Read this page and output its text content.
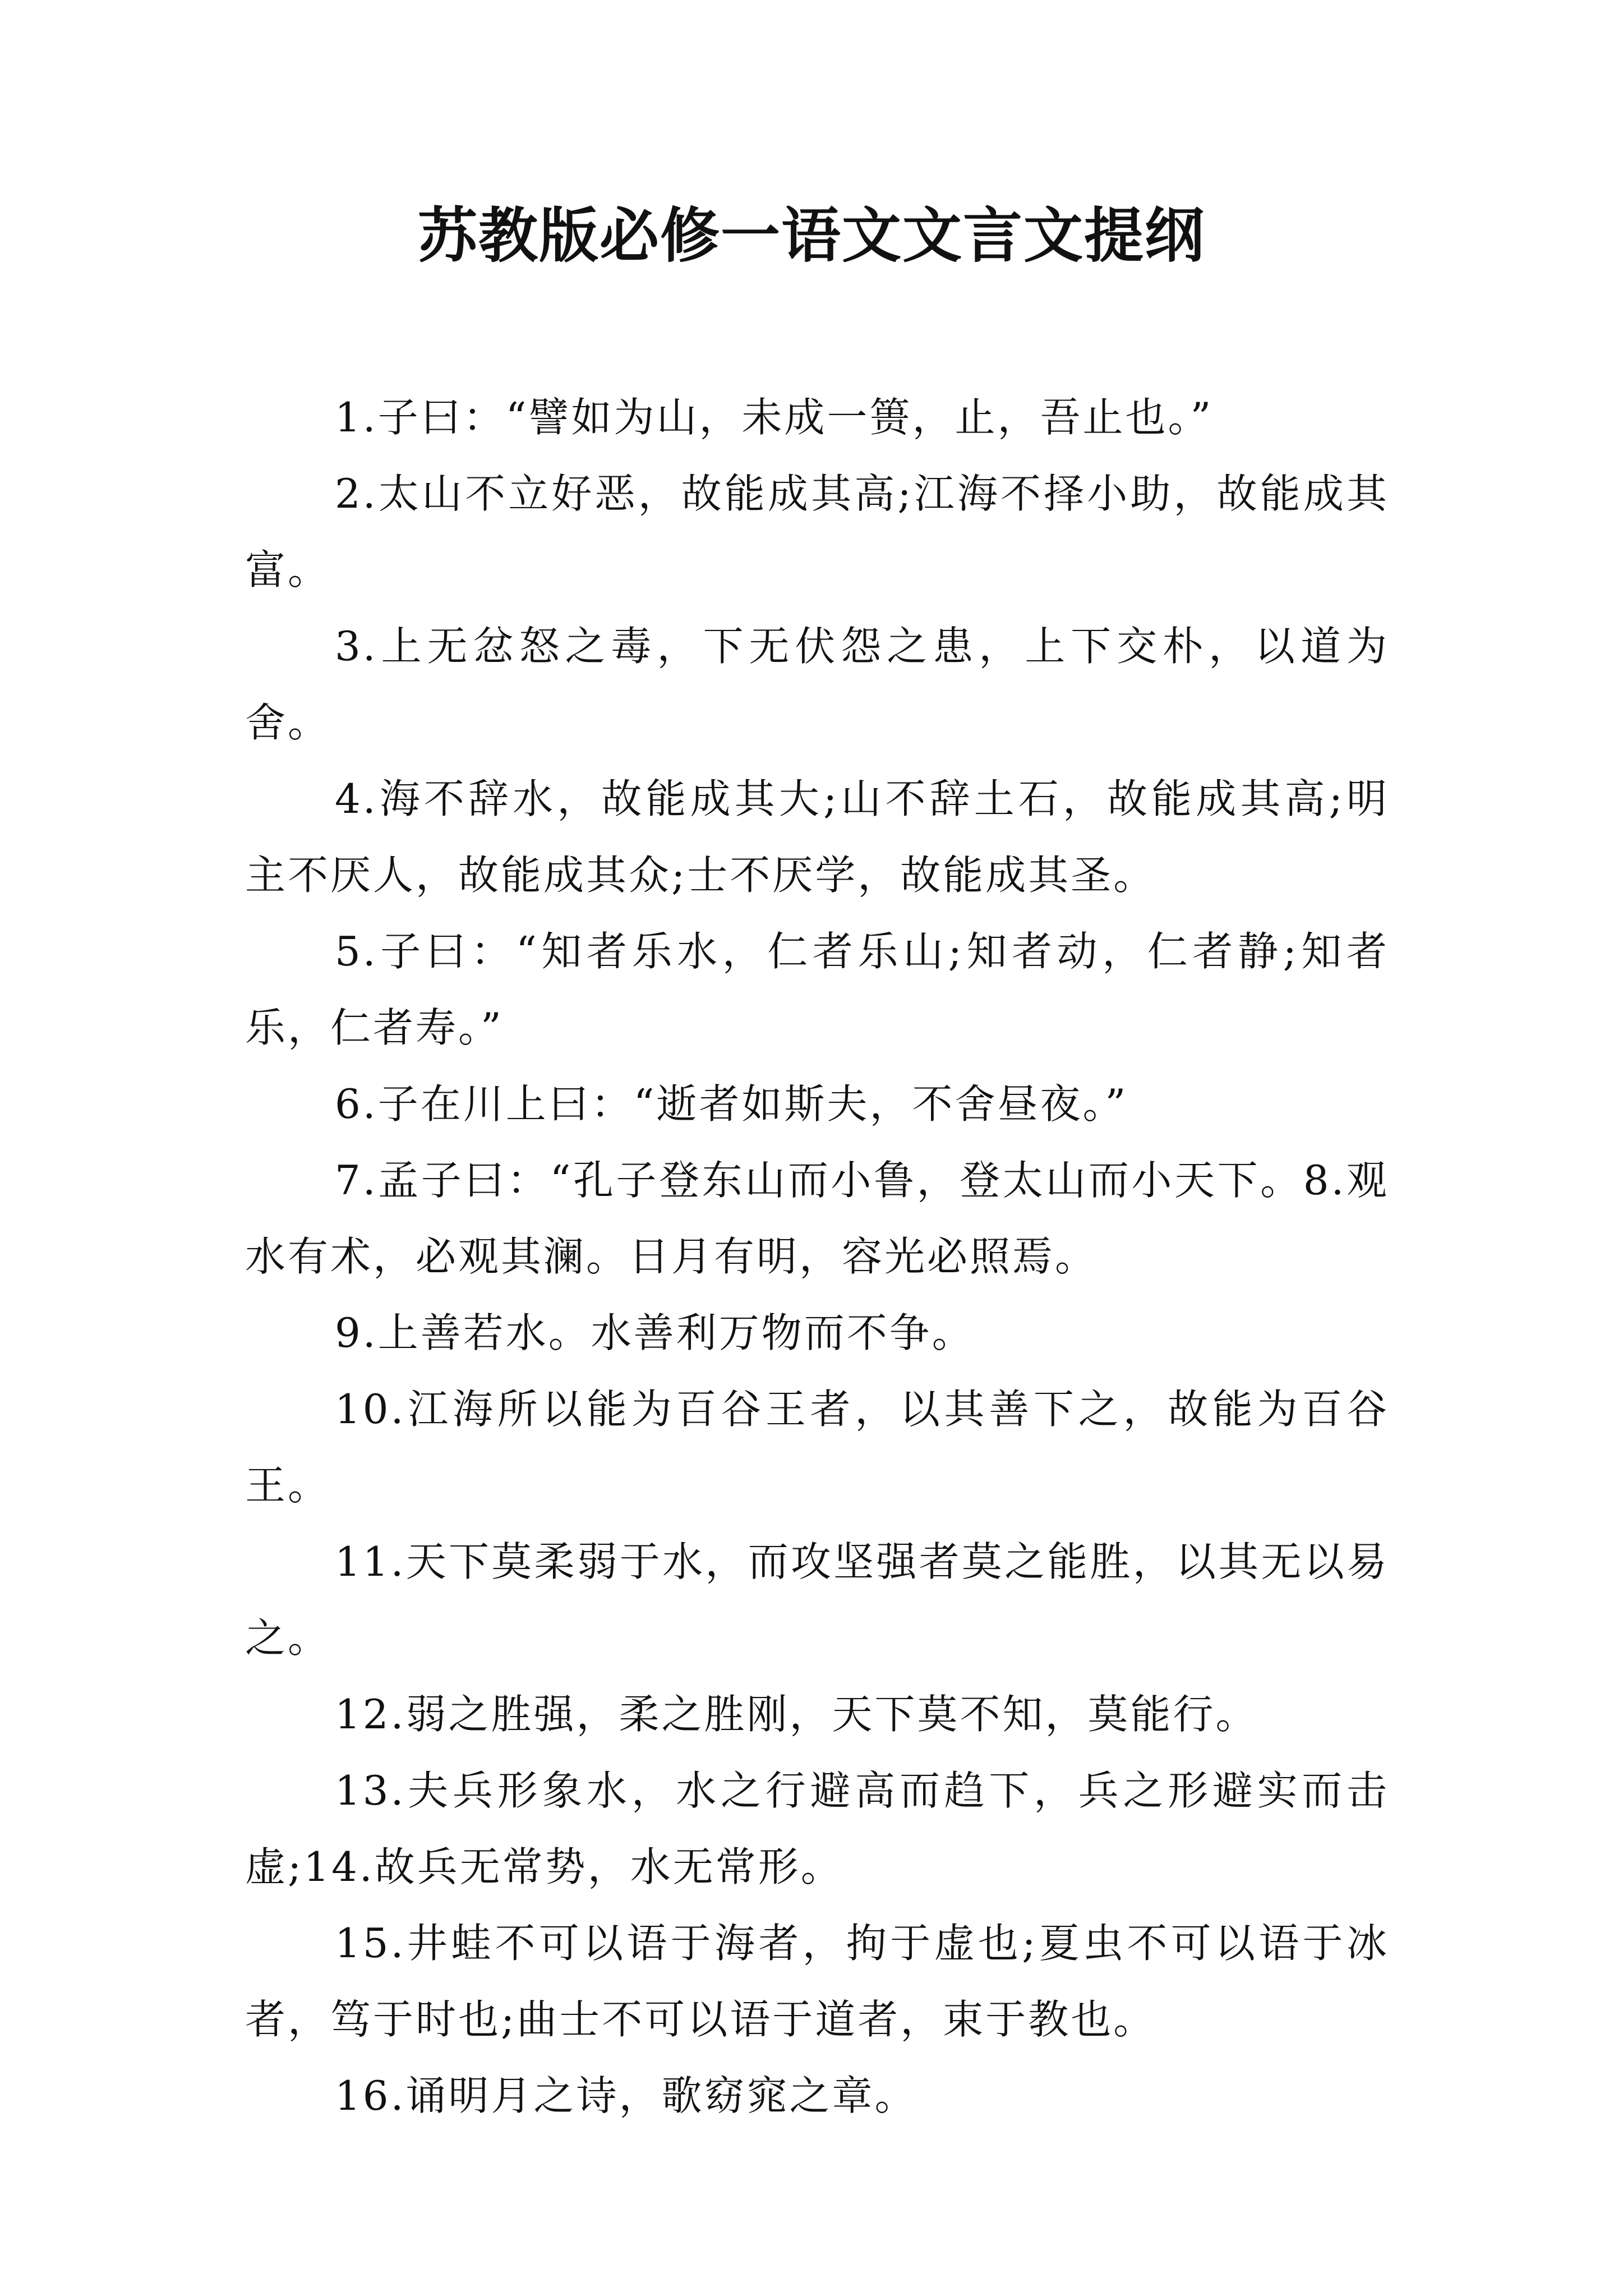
苏教版必修一语文文言文提纲

1.子曰：“譬如为山，未成一篑，止，吾止也。”

2.太山不立好恶，故能成其高;江海不择小助，故能成其富。

3.上无忿怒之毒，下无伏怨之患，上下交朴，以道为舍。

4.海不辞水，故能成其大;山不辞土石，故能成其高;明主不厌人，故能成其众;士不厌学，故能成其圣。

5.子曰：“知者乐水，仁者乐山;知者动，仁者静;知者乐，仁者寿。”

6.子在川上曰：“逝者如斯夫，不舍昼夜。”

7.孟子曰：“孔子登东山而小鲁，登太山而小天下。8.观水有术，必观其澜。日月有明，容光必照焉。

9.上善若水。水善利万物而不争。

10.江海所以能为百谷王者，以其善下之，故能为百谷王。

11.天下莫柔弱于水，而攻坚强者莫之能胜，以其无以易之。

12.弱之胜强，柔之胜刚，天下莫不知，莫能行。

13.夫兵形象水，水之行避高而趋下，兵之形避实而击虚;14.故兵无常势，水无常形。

15.井蛙不可以语于海者，拘于虚也;夏虫不可以语于冰者，笃于时也;曲士不可以语于道者，束于教也。

16.诵明月之诗，歌窈窕之章。
